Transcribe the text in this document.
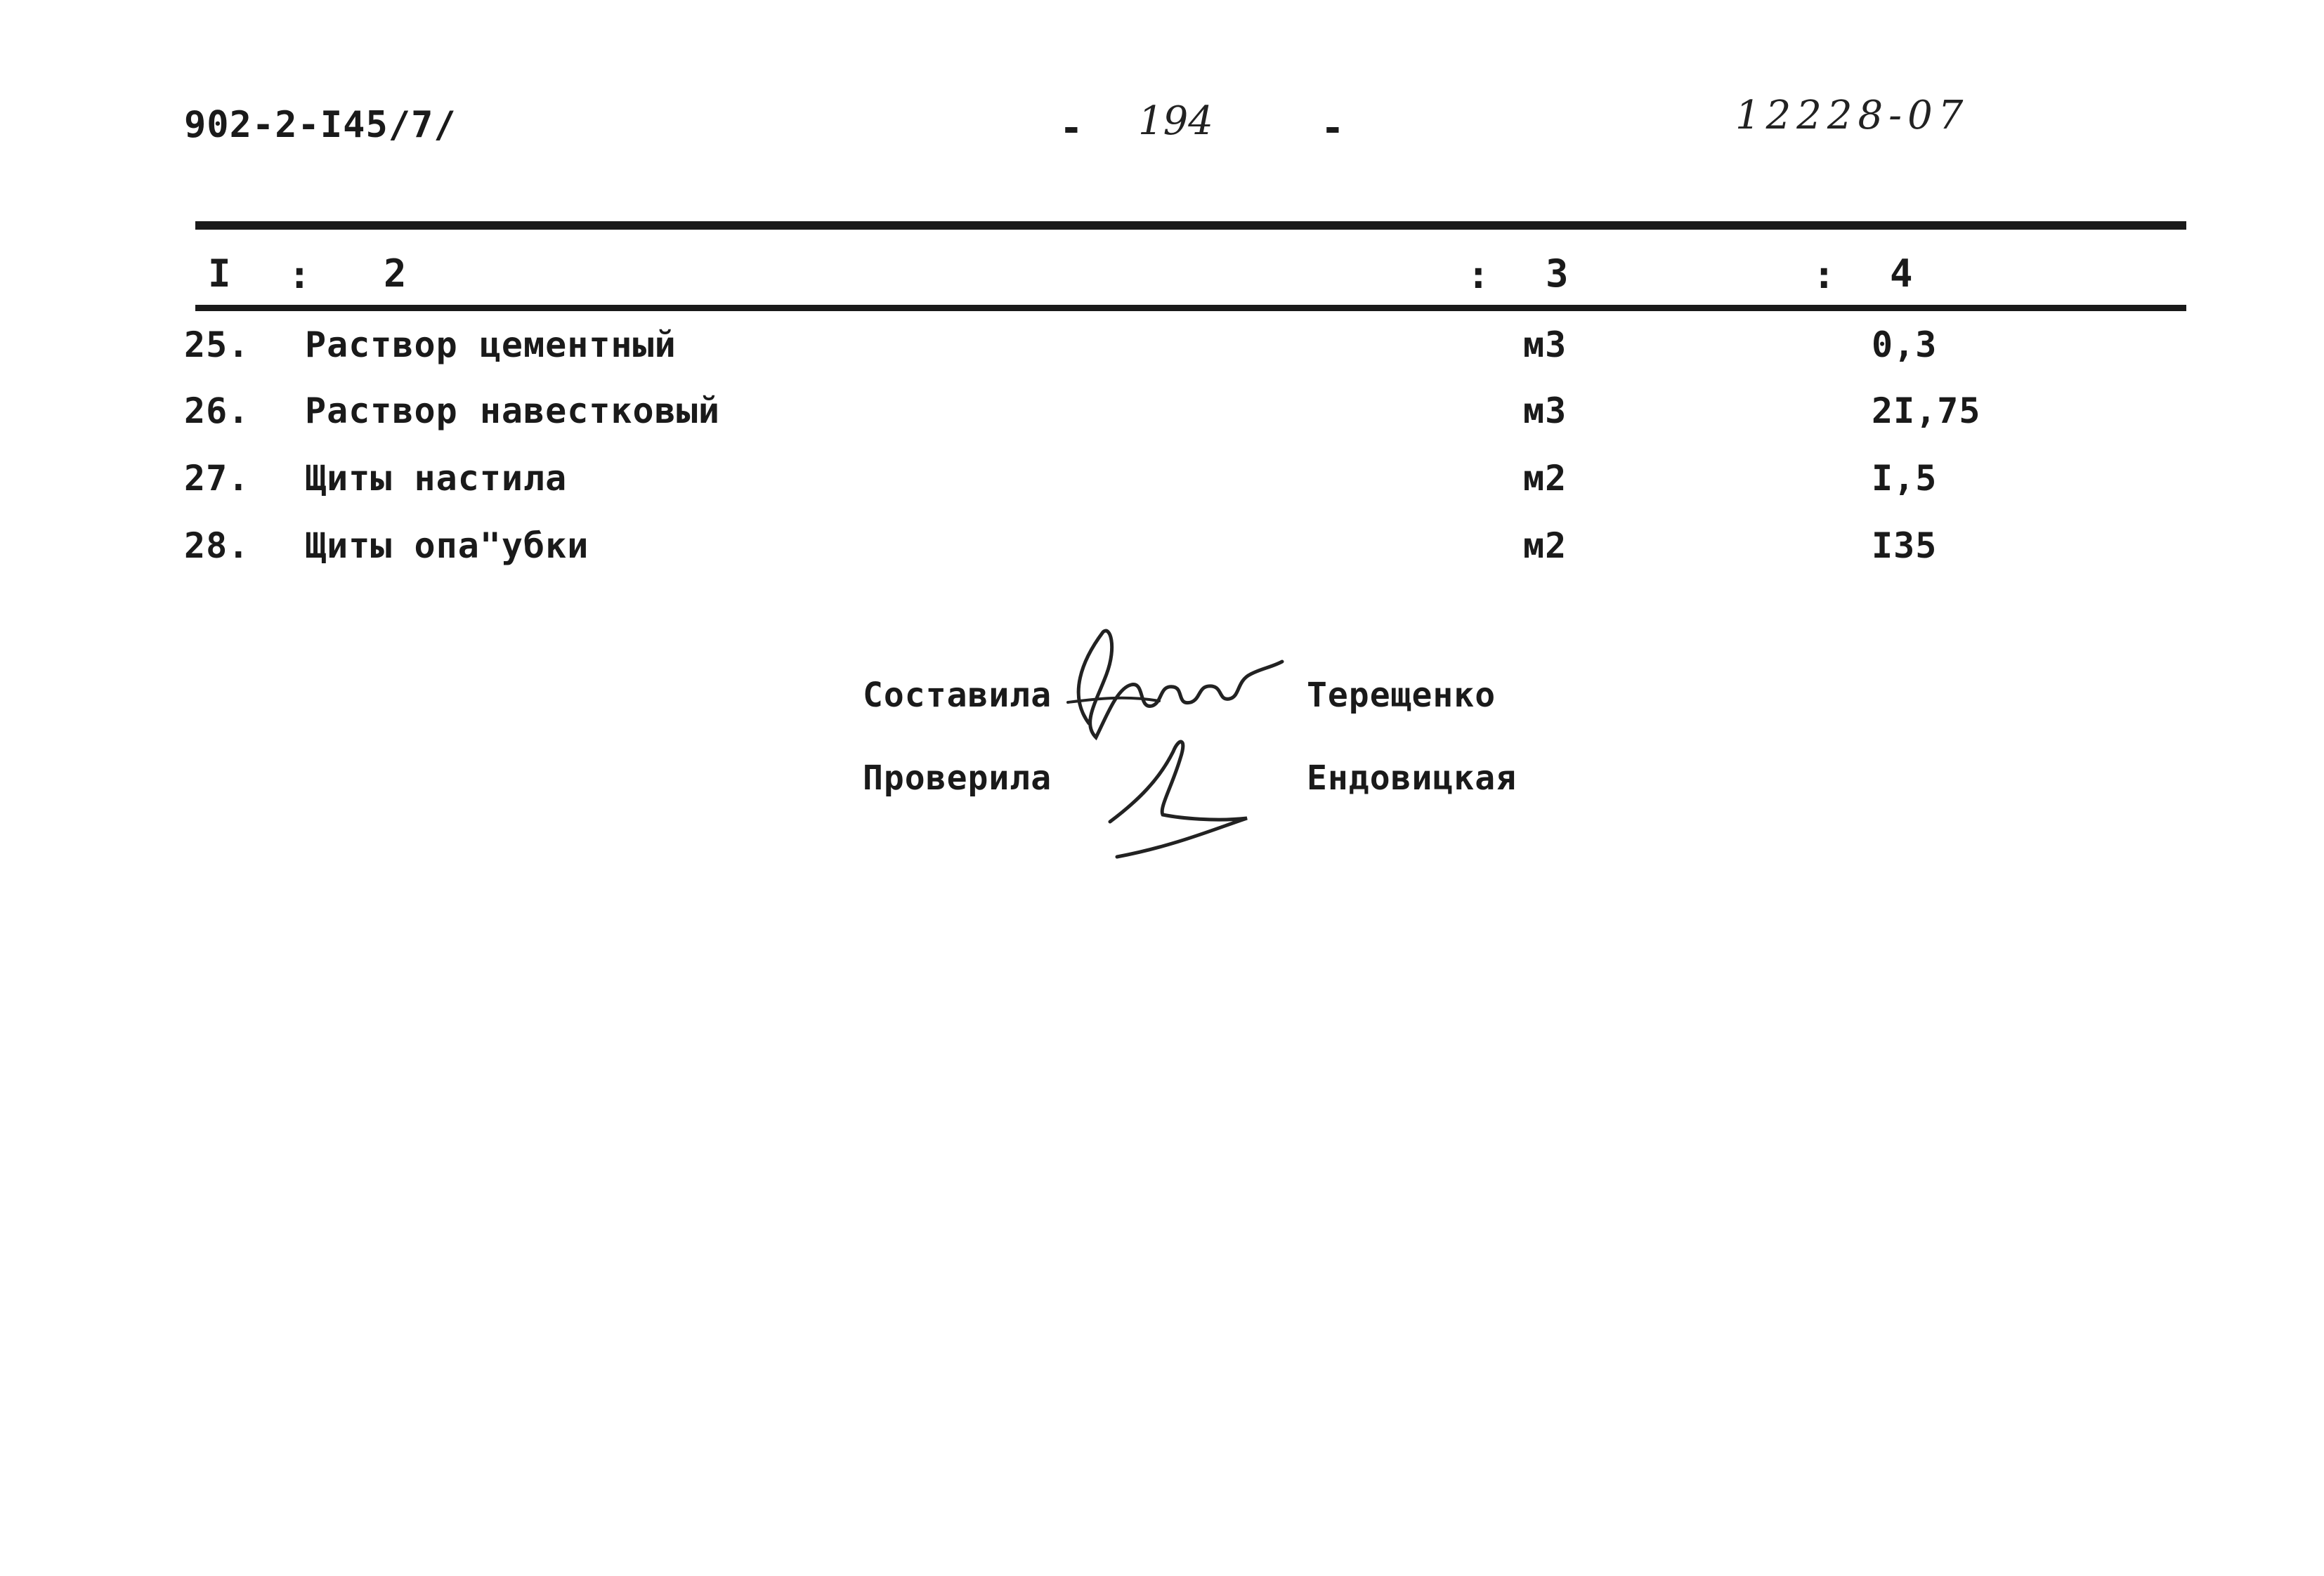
902-2-I45/7/	- 194	-	12228-07
I : 2	: 3	: 4
25. Раствор цементный	м3	0,3
26. Раствор навестковый	м3	2I,75
27. Щиты настила	м2	I,5
28. Щиты опа"убки	м2	I35
Составила	Терещенко
Проверила	Ендовицкая
